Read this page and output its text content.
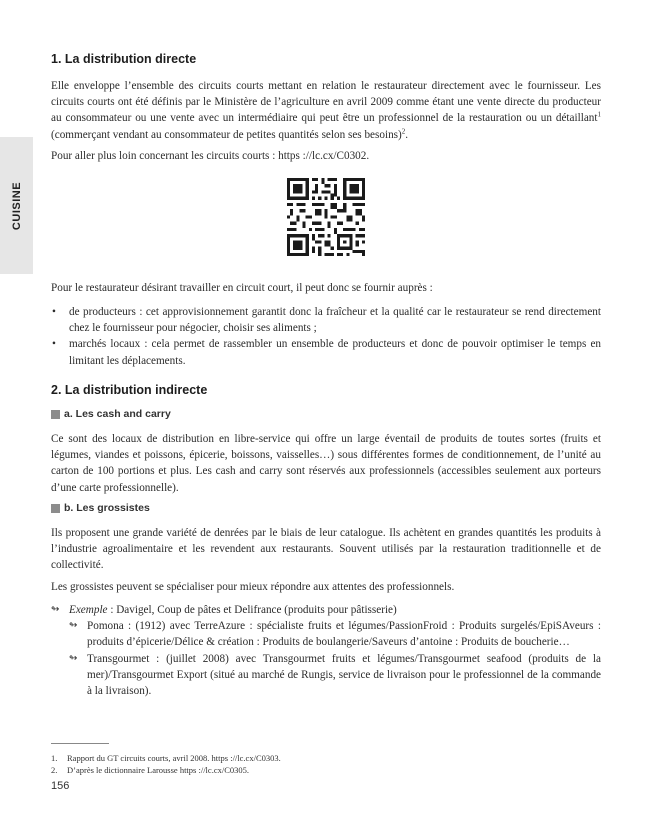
CUISINE
1. La distribution directe

Elle enveloppe l’ensemble des circuits courts mettant en relation le restaurateur directement avec le fournisseur. Les circuits courts ont été définis par le Ministère de l’agriculture en avril 2009 comme étant une vente directe du producteur au consommateur ou une vente avec un intermédiaire qui peut être un professionnel de la restauration ou un détaillant$^1$ (commerçant vendant au consommateur de petites quantités selon ses besoins)$^2$.

Pour aller plus loin concernant les circuits courts : https ://lc.cx/C0302.

Pour le restaurateur désirant travailler en circuit court, il peut donc se fournir auprès :

• de producteurs : cet approvisionnement garantit donc la fraîcheur et la qualité car le restaurateur se rend directement chez le fournisseur pour négocier, choisir ses aliments ;
• marchés locaux : cela permet de rassembler un ensemble de producteurs et donc de pouvoir optimiser le temps en limitant les déplacements.
2. La distribution indirecte
a. Les cash and carry

Ce sont des locaux de distribution en libre-service qui offre un large éventail de produits de toutes sortes (fruits et légumes, viandes et poissons, épicerie, boissons, vaisselles…) sous différentes formes de conditionnement, de l’unité au carton de 100 portions et plus. Les cash and carry sont réservés aux professionnels (accessibles seulement aux porteurs d’une carte professionnelle).

b. Les grossistes

Ils proposent une grande variété de denrées par le biais de leur catalogue. Ils achètent en grandes quantités les produits à l’industrie agroalimentaire et les revendent aux restaurants. Souvent utilisés par la restauration traditionnelle et de collectivité.

Les grossistes peuvent se spécialiser pour mieux répondre aux attentes des professionnels.

↬ Exemple : Davigel, Coup de pâtes et Delifrance (produits pour pâtisserie)
↬ Pomona : (1912) avec TerreAzure : spécialiste fruits et légumes/PassionFroid : Produits surgelés/EpiSAveurs : produits d’épicerie/Délice & création : Produits de boulangerie/Saveurs d’antoine : Produits de boucherie…
↬ Transgourmet : (juillet 2008) avec Transgourmet fruits et légumes/Transgourmet seafood (produits de la mer)/Transgourmet Export (situé au marché de Rungis, service de livraison pour le professionnel de la commande à la livraison).
1.	Rapport du GT circuits courts, avril 2008. https ://lc.cx/C0303.
2.	D’après le dictionnaire Larousse https ://lc.cx/C0305.
156
